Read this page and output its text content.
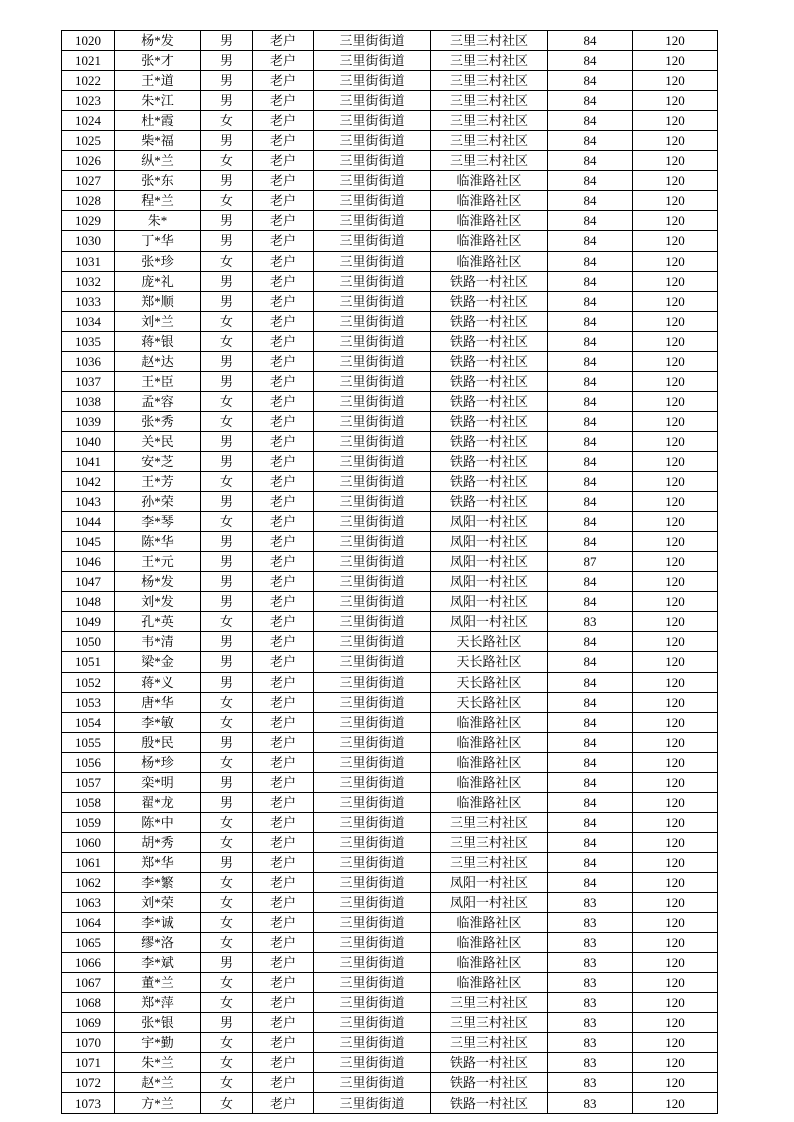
1020	杨*发	男	老户	三里街街道	三里三村社区	84	120
1021	张*才	男	老户	三里街街道	三里三村社区	84	120
1022	王*道	男	老户	三里街街道	三里三村社区	84	120
1023	朱*江	男	老户	三里街街道	三里三村社区	84	120
1024	杜*霞	女	老户	三里街街道	三里三村社区	84	120
1025	柴*福	男	老户	三里街街道	三里三村社区	84	120
1026	纵*兰	女	老户	三里街街道	三里三村社区	84	120
1027	张*东	男	老户	三里街街道	临淮路社区	84	120
1028	程*兰	女	老户	三里街街道	临淮路社区	84	120
1029	朱*	男	老户	三里街街道	临淮路社区	84	120
1030	丁*华	男	老户	三里街街道	临淮路社区	84	120
1031	张*珍	女	老户	三里街街道	临淮路社区	84	120
1032	庞*礼	男	老户	三里街街道	铁路一村社区	84	120
1033	郑*顺	男	老户	三里街街道	铁路一村社区	84	120
1034	刘*兰	女	老户	三里街街道	铁路一村社区	84	120
1035	蒋*银	女	老户	三里街街道	铁路一村社区	84	120
1036	赵*达	男	老户	三里街街道	铁路一村社区	84	120
1037	王*臣	男	老户	三里街街道	铁路一村社区	84	120
1038	孟*容	女	老户	三里街街道	铁路一村社区	84	120
1039	张*秀	女	老户	三里街街道	铁路一村社区	84	120
1040	关*民	男	老户	三里街街道	铁路一村社区	84	120
1041	安*芝	男	老户	三里街街道	铁路一村社区	84	120
1042	王*芳	女	老户	三里街街道	铁路一村社区	84	120
1043	孙*荣	男	老户	三里街街道	铁路一村社区	84	120
1044	李*琴	女	老户	三里街街道	凤阳一村社区	84	120
1045	陈*华	男	老户	三里街街道	凤阳一村社区	84	120
1046	王*元	男	老户	三里街街道	凤阳一村社区	87	120
1047	杨*发	男	老户	三里街街道	凤阳一村社区	84	120
1048	刘*发	男	老户	三里街街道	凤阳一村社区	84	120
1049	孔*英	女	老户	三里街街道	凤阳一村社区	83	120
1050	韦*清	男	老户	三里街街道	天长路社区	84	120
1051	梁*金	男	老户	三里街街道	天长路社区	84	120
1052	蒋*义	男	老户	三里街街道	天长路社区	84	120
1053	唐*华	女	老户	三里街街道	天长路社区	84	120
1054	李*敏	女	老户	三里街街道	临淮路社区	84	120
1055	殷*民	男	老户	三里街街道	临淮路社区	84	120
1056	杨*珍	女	老户	三里街街道	临淮路社区	84	120
1057	栾*明	男	老户	三里街街道	临淮路社区	84	120
1058	翟*龙	男	老户	三里街街道	临淮路社区	84	120
1059	陈*中	女	老户	三里街街道	三里三村社区	84	120
1060	胡*秀	女	老户	三里街街道	三里三村社区	84	120
1061	郑*华	男	老户	三里街街道	三里三村社区	84	120
1062	李*繁	女	老户	三里街街道	凤阳一村社区	84	120
1063	刘*荣	女	老户	三里街街道	凤阳一村社区	83	120
1064	李*诚	女	老户	三里街街道	临淮路社区	83	120
1065	缪*洛	女	老户	三里街街道	临淮路社区	83	120
1066	李*斌	男	老户	三里街街道	临淮路社区	83	120
1067	董*兰	女	老户	三里街街道	临淮路社区	83	120
1068	郑*萍	女	老户	三里街街道	三里三村社区	83	120
1069	张*银	男	老户	三里街街道	三里三村社区	83	120
1070	宇*勤	女	老户	三里街街道	三里三村社区	83	120
1071	朱*兰	女	老户	三里街街道	铁路一村社区	83	120
1072	赵*兰	女	老户	三里街街道	铁路一村社区	83	120
1073	方*兰	女	老户	三里街街道	铁路一村社区	83	120
